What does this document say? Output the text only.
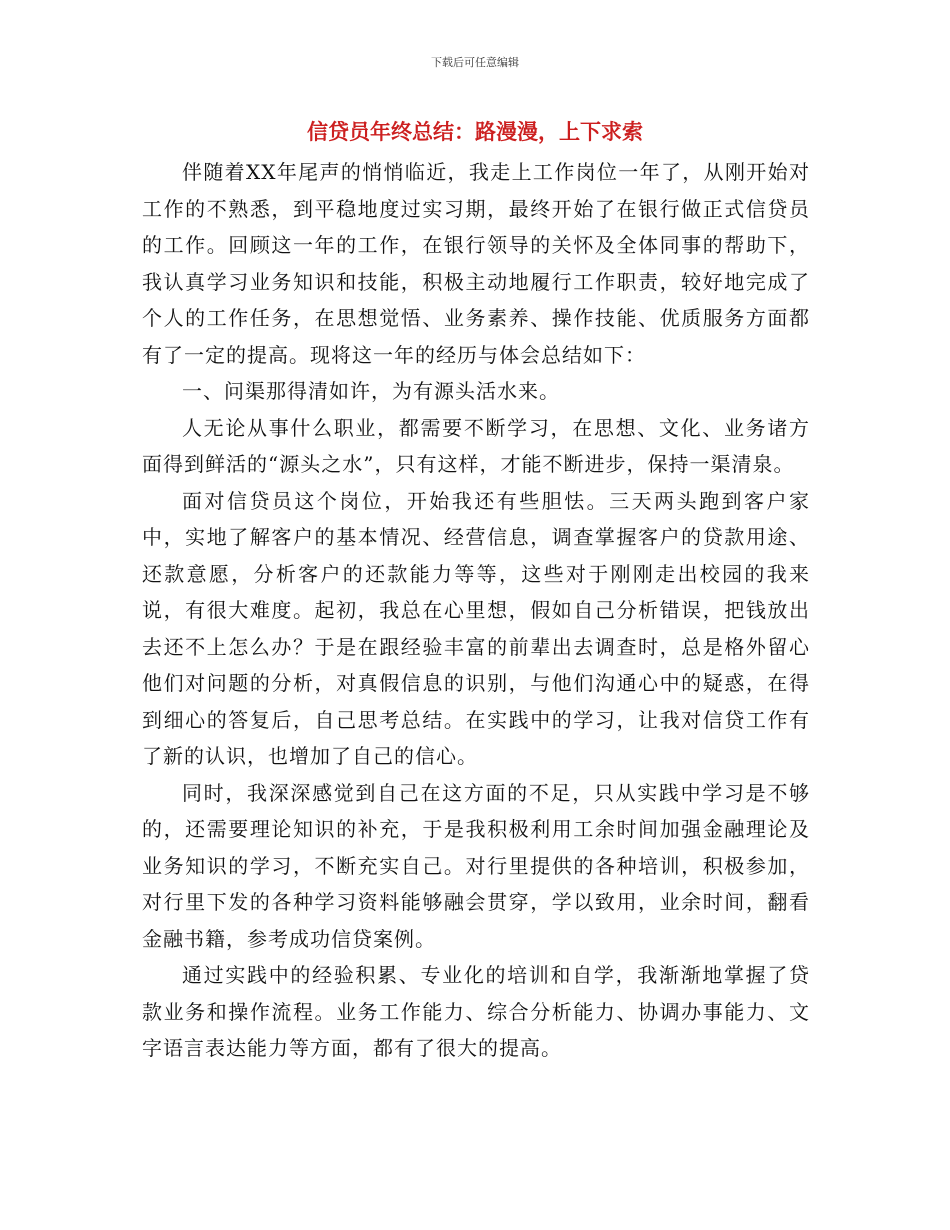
下载后可任意编辑
信贷员年终总结：路漫漫，上下求索

伴随着XX年尾声的悄悄临近，我走上工作岗位一年了，从刚开始对工作的不熟悉，到平稳地度过实习期，最终开始了在银行做正式信贷员的工作。回顾这一年的工作，在银行领导的关怀及全体同事的帮助下，我认真学习业务知识和技能，积极主动地履行工作职责，较好地完成了个人的工作任务，在思想觉悟、业务素养、操作技能、优质服务方面都有了一定的提高。现将这一年的经历与体会总结如下：

一、问渠那得清如许，为有源头活水来。

人无论从事什么职业，都需要不断学习，在思想、文化、业务诸方面得到鲜活的“源头之水”，只有这样，才能不断进步，保持一渠清泉。

面对信贷员这个岗位，开始我还有些胆怯。三天两头跑到客户家中，实地了解客户的基本情况、经营信息，调查掌握客户的贷款用途、还款意愿，分析客户的还款能力等等，这些对于刚刚走出校园的我来说，有很大难度。起初，我总在心里想，假如自己分析错误，把钱放出去还不上怎么办？于是在跟经验丰富的前辈出去调查时，总是格外留心他们对问题的分析，对真假信息的识别，与他们沟通心中的疑惑，在得到细心的答复后，自己思考总结。在实践中的学习，让我对信贷工作有了新的认识，也增加了自己的信心。

同时，我深深感觉到自己在这方面的不足，只从实践中学习是不够的，还需要理论知识的补充，于是我积极利用工余时间加强金融理论及业务知识的学习，不断充实自己。对行里提供的各种培训，积极参加，对行里下发的各种学习资料能够融会贯穿，学以致用，业余时间，翻看金融书籍，参考成功信贷案例。

通过实践中的经验积累、专业化的培训和自学，我渐渐地掌握了贷款业务和操作流程。业务工作能力、综合分析能力、协调办事能力、文字语言表达能力等方面，都有了很大的提高。
